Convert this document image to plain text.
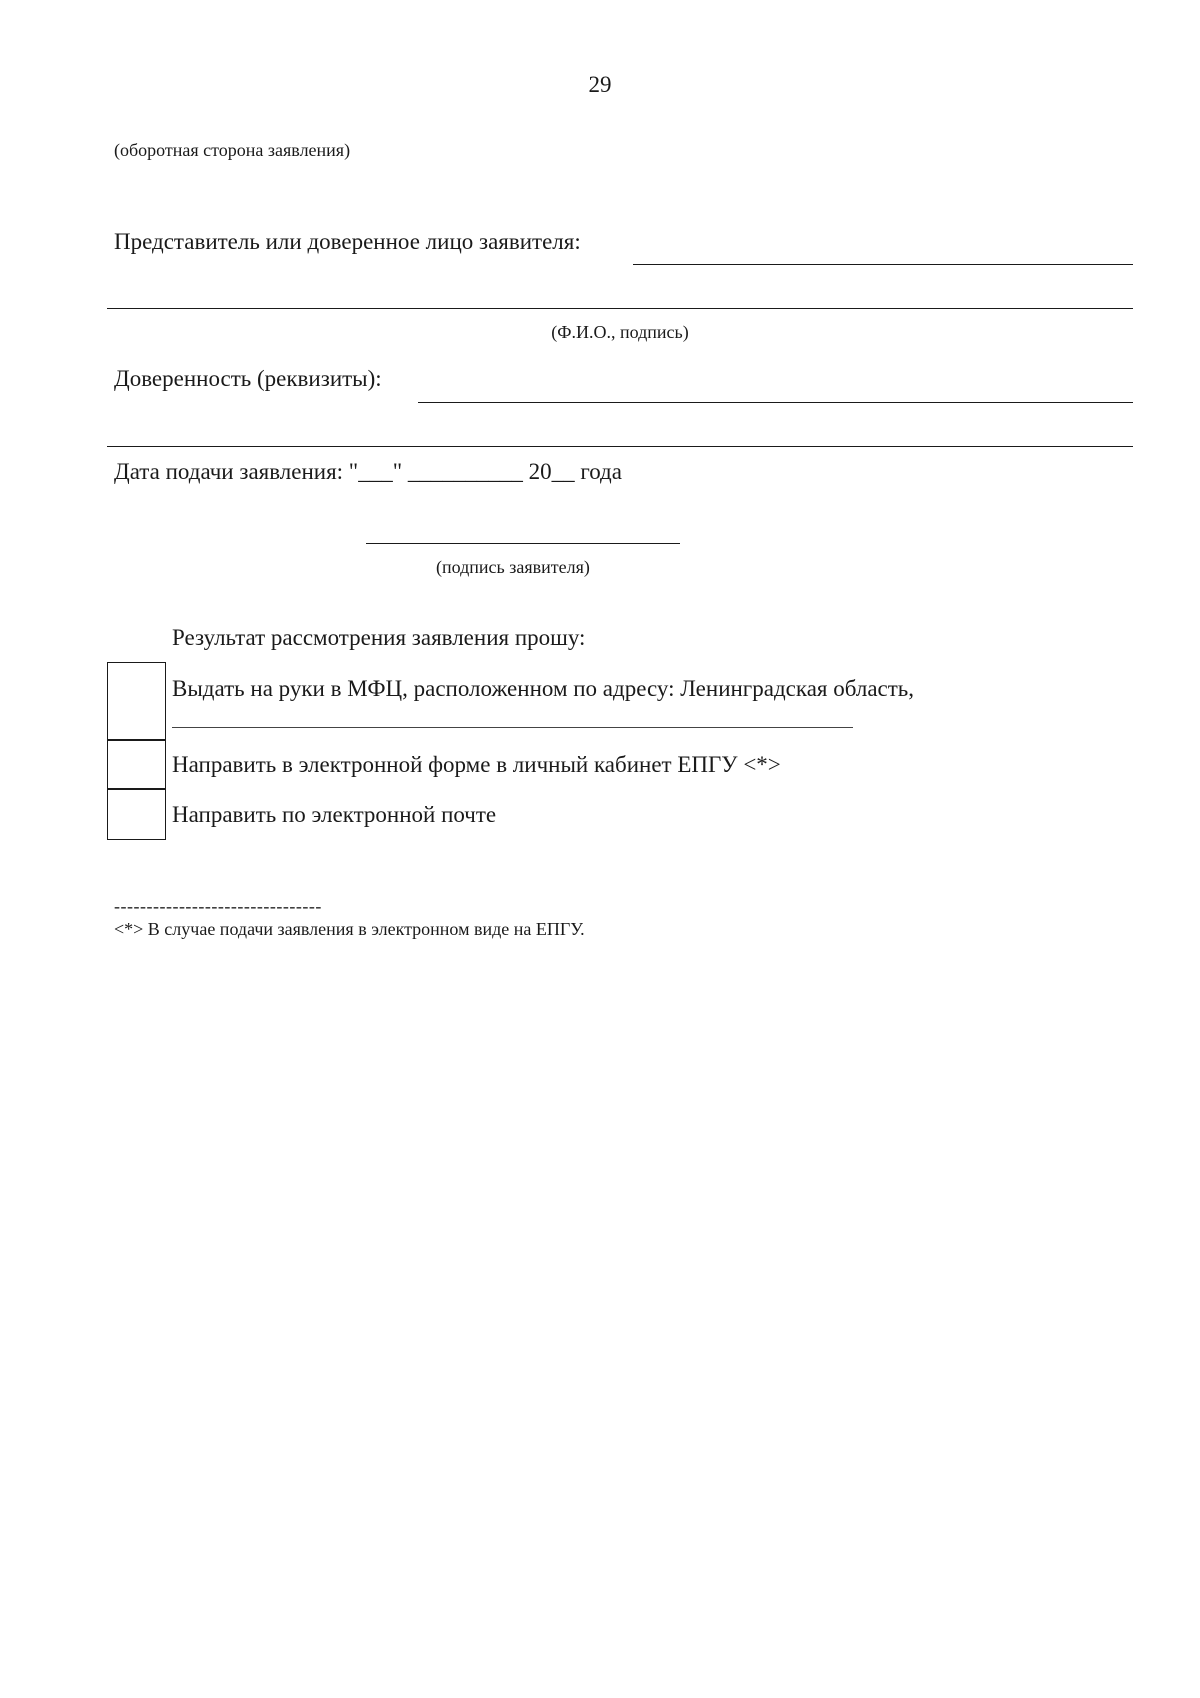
29
(оборотная сторона заявления)
Представитель или доверенное лицо заявителя:
(Ф.И.О., подпись)
Доверенность (реквизиты):
Дата подачи заявления: "___" __________ 20__ года
(подпись заявителя)
Результат рассмотрения заявления прошу:
Выдать на руки в МФЦ, расположенном по адресу: Ленинградская область,
Направить в электронной форме в личный кабинет ЕПГУ <*>
Направить по электронной почте
--------------------------------
<*> В случае подачи заявления в электронном виде на ЕПГУ.
